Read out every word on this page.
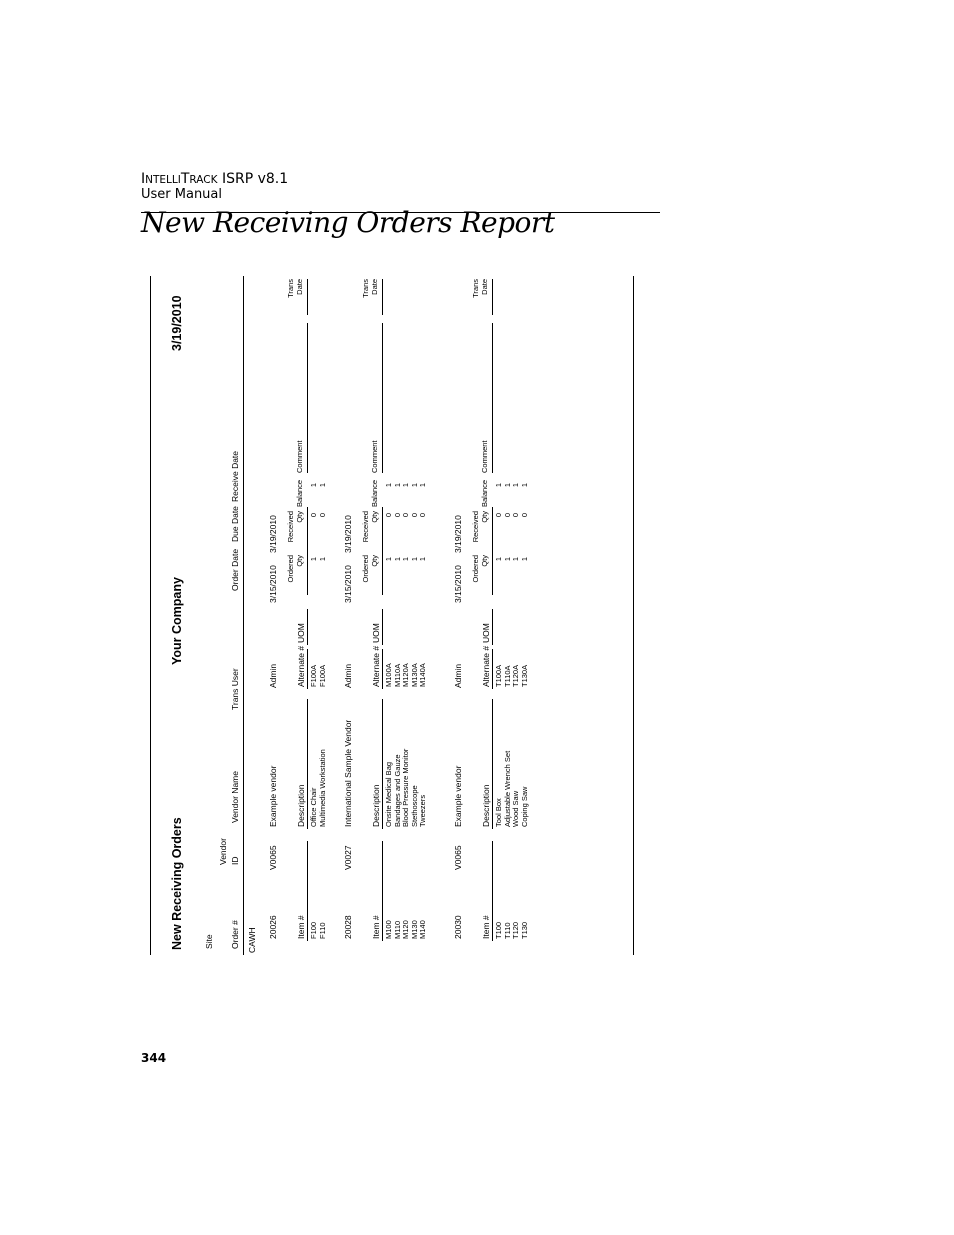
INTELLITRACK ISRP v8.1
User Manual
New Receiving Orders Report
New Receiving Orders
Your Company
3/19/2010
Site
Vendor
Order #
ID
Vendor Name
Trans User
Order Date
Due Date
Receive Date
CAWH
20026
V0065
Example vendor
Admin
3/15/2010
3/19/2010
Item #
Description
Alternate #
UOM
Ordered Qty
Received Qty
Balance
Comment
Trans Date
F100
Office Chair
F100A
1
0
1
F110
Multimedia Workstation
F100A
1
0
1
20028
V0027
International Sample Vendor
Admin
3/15/2010
3/19/2010
Item #
Description
Alternate #
UOM
Ordered Qty
Received Qty
Balance
Comment
Trans Date
M100
Onsite Medical Bag
M100A
1
0
1
M110
Bandages and Gauze
M110A
1
0
1
M120
Blood Pressure Monitor
M120A
1
0
1
M130
Stethoscope
M130A
1
0
1
M140
Tweezers
M140A
1
0
1
20030
V0065
Example vendor
Admin
3/15/2010
3/19/2010
Item #
Description
Alternate #
UOM
Ordered Qty
Received Qty
Balance
Comment
Trans Date
T100
Tool Box
T100A
1
0
1
T110
Adjustable Wrench Set
T110A
1
0
1
T120
Wood Saw
T120A
1
0
1
T130
Coping Saw
T130A
1
0
1
344
